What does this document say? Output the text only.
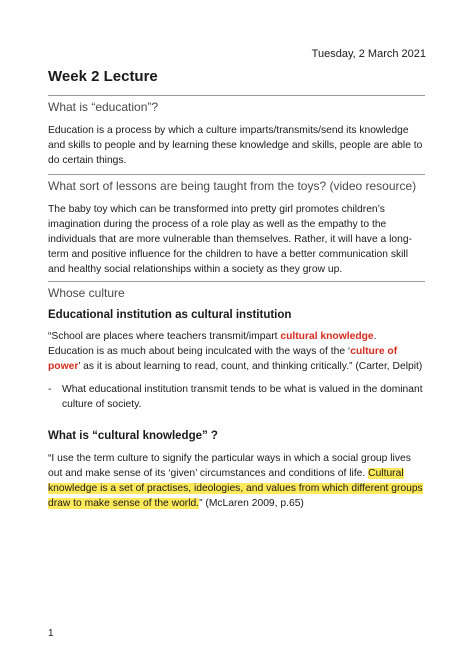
Tuesday, 2 March 2021
Week 2 Lecture
What is “education”?

Education is a process by which a culture imparts/transmits/send its knowledge and skills to people and by learning these knowledge and skills, people are able to do certain things.

What sort of lessons are being taught from the toys? (video resource)

The baby toy which can be transformed into pretty girl promotes children’s imagination during the process of a role play as well as the empathy to the individuals that are more vulnerable than themselves. Rather, it will have a long-term and positive influence for the children to have a better communication skill and healthy social relationships within a society as they grow up.

Whose culture

Educational institution as cultural institution

“School are places where teachers transmit/impart cultural knowledge. Education is as much about being inculcated with the ways of the ‘culture of power’ as it is about learning to read, count, and thinking critically.” (Carter, Delpit)

-	What educational institution transmit tends to be what is valued in the dominant culture of society.

What is “cultural knowledge” ?

“I use the term culture to signify the particular ways in which a social group lives out and make sense of its ‘given’ circumstances and conditions of life. Cultural knowledge is a set of practises, ideologies, and values from which different groups draw to make sense of the world.” (McLaren 2009, p.65)

1
